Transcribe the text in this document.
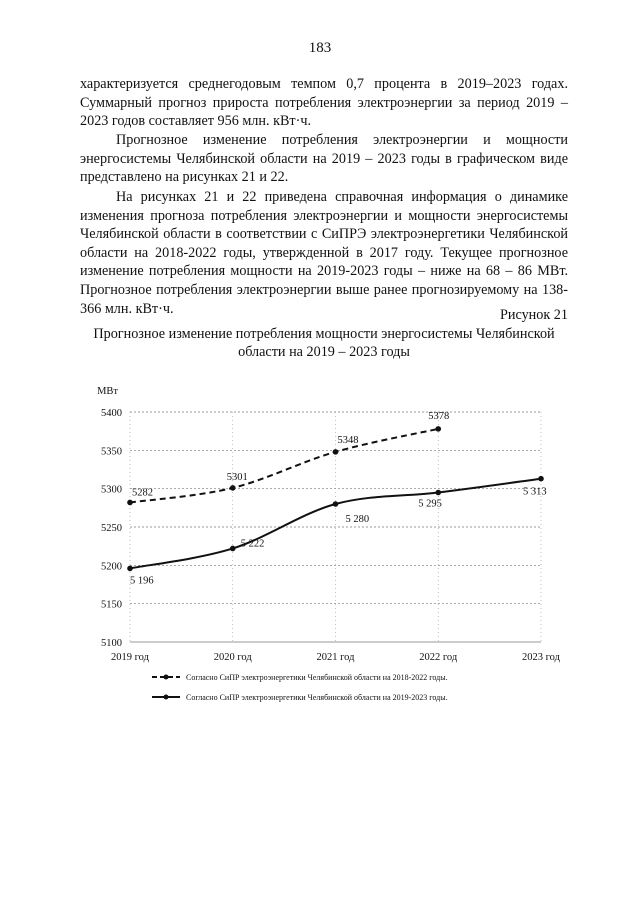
183

характеризуется среднегодовым темпом 0,7 процента в 2019–2023 годах. Суммарный прогноз прироста потребления электроэнергии за период 2019 – 2023 годов составляет 956 млн. кВт·ч.

Прогнозное изменение потребления электроэнергии и мощности энергосистемы Челябинской области на 2019 – 2023 годы в графическом виде представлено на рисунках 21 и 22.

На рисунках 21 и 22 приведена справочная информация о динамике изменения прогноза потребления электроэнергии и мощности энергосистемы Челябинской области в соответствии с СиПРЭ электроэнергетики Челябинской области на 2018-2022 годы, утвержденной в 2017 году. Текущее прогнозное изменение потребления мощности на 2019-2023 годы – ниже на 68 – 86 МВт. Прогнозное потребления электроэнергии выше ранее прогнозируемому на 138-366 млн. кВт·ч.	Рисунок 21
Прогнозное изменение потребления мощности энергосистемы Челябинской области на 2019 – 2023 годы
5100
5150
5200
5250
5300
5350
5400
МВт
2019 год	2020 год	2021 год	2022 год	2023 год
5282
5301
5348
5378
5 196
5 222
5 280
5 295
5 313
Согласно СиПР электроэнергетики Челябинской области на 2018-2022 годы.
Согласно СиПР электроэнергетики Челябинской области на 2019-2023 годы.
